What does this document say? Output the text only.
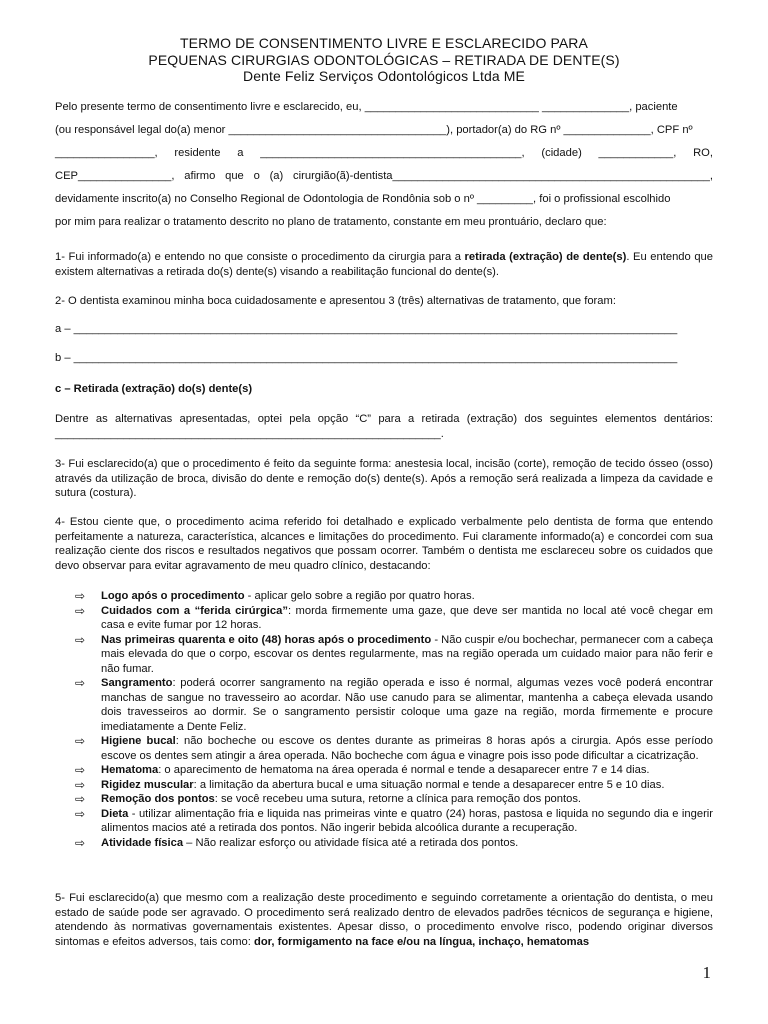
TERMO DE CONSENTIMENTO LIVRE E ESCLARECIDO PARA
PEQUENAS CIRURGIAS ODONTOLÓGICAS – RETIRADA DE DENTE(S)
Dente Feliz Serviços Odontológicos Ltda ME
Pelo presente termo de consentimento livre e esclarecido, eu, ____________________________ ______________, paciente
(ou responsável legal do(a) menor ___________________________________), portador(a) do RG nº ______________, CPF nº
________________, residente a __________________________________________, (cidade) ____________, RO,
CEP_______________, afirmo que o (a) cirurgião(ã)-dentista___________________________________________________,
devidamente inscrito(a) no Conselho Regional de Odontologia de Rondônia sob o nº _________, foi o profissional escolhido
por mim para realizar o tratamento descrito no plano de tratamento, constante em meu prontuário, declaro que:
1- Fui informado(a) e entendo no que consiste o procedimento da cirurgia para a retirada (extração) de dente(s). Eu entendo que existem alternativas a retirada do(s) dente(s) visando a reabilitação funcional do dente(s).
2- O dentista examinou minha boca cuidadosamente e apresentou 3 (três) alternativas de tratamento, que foram:
a – _________________________________________________________________________________________________
b – _________________________________________________________________________________________________
c – Retirada (extração) do(s) dente(s)
Dentre as alternativas apresentadas, optei pela opção “C” para a retirada (extração) dos seguintes elementos dentários: ______________________________________________________________.
3- Fui esclarecido(a) que o procedimento é feito da seguinte forma: anestesia local, incisão (corte), remoção de tecido ósseo (osso) através da utilização de broca, divisão do dente e remoção do(s) dente(s). Após a remoção será realizada a limpeza da cavidade e sutura (costura).
4- Estou ciente que, o procedimento acima referido foi detalhado e explicado verbalmente pelo dentista de forma que entendo perfeitamente a natureza, característica, alcances e limitações do procedimento. Fui claramente informado(a) e concordei com sua realização ciente dos riscos e resultados negativos que possam ocorrer. Também o dentista me esclareceu sobre os cuidados que devo observar para evitar agravamento de meu quadro clínico, destacando:
⇨ Logo após o procedimento - aplicar gelo sobre a região por quatro horas.
⇨ Cuidados com a “ferida cirúrgica”: morda firmemente uma gaze, que deve ser mantida no local até você chegar em casa e evite fumar por 12 horas.
⇨ Nas primeiras quarenta e oito (48) horas após o procedimento - Não cuspir e/ou bochechar, permanecer com a cabeça mais elevada do que o corpo, escovar os dentes regularmente, mas na região operada um cuidado maior para não ferir e não fumar.
⇨ Sangramento: poderá ocorrer sangramento na região operada e isso é normal, algumas vezes você poderá encontrar manchas de sangue no travesseiro ao acordar. Não use canudo para se alimentar, mantenha a cabeça elevada usando dois travesseiros ao dormir. Se o sangramento persistir coloque uma gaze na região, morda firmemente e procure imediatamente a Dente Feliz.
⇨ Higiene bucal: não bocheche ou escove os dentes durante as primeiras 8 horas após a cirurgia. Após esse período escove os dentes sem atingir a área operada. Não bocheche com água e vinagre pois isso pode dificultar a cicatrização.
⇨ Hematoma: o aparecimento de hematoma na área operada é normal e tende a desaparecer entre 7 e 14 dias.
⇨ Rigidez muscular: a limitação da abertura bucal e uma situação normal e tende a desaparecer entre 5 e 10 dias.
⇨ Remoção dos pontos: se você recebeu uma sutura, retorne a clínica para remoção dos pontos.
⇨ Dieta - utilizar alimentação fria e liquida nas primeiras vinte e quatro (24) horas, pastosa e liquida no segundo dia e ingerir alimentos macios até a retirada dos pontos. Não ingerir bebida alcoólica durante a recuperação.
⇨ Atividade física – Não realizar esforço ou atividade física até a retirada dos pontos.
5- Fui esclarecido(a) que mesmo com a realização deste procedimento e seguindo corretamente a orientação do dentista, o meu estado de saúde pode ser agravado. O procedimento será realizado dentro de elevados padrões técnicos de segurança e higiene, atendendo às normativas governamentais existentes. Apesar disso, o procedimento envolve risco, podendo originar diversos sintomas e efeitos adversos, tais como: dor, formigamento na face e/ou na língua, inchaço, hematomas
1
